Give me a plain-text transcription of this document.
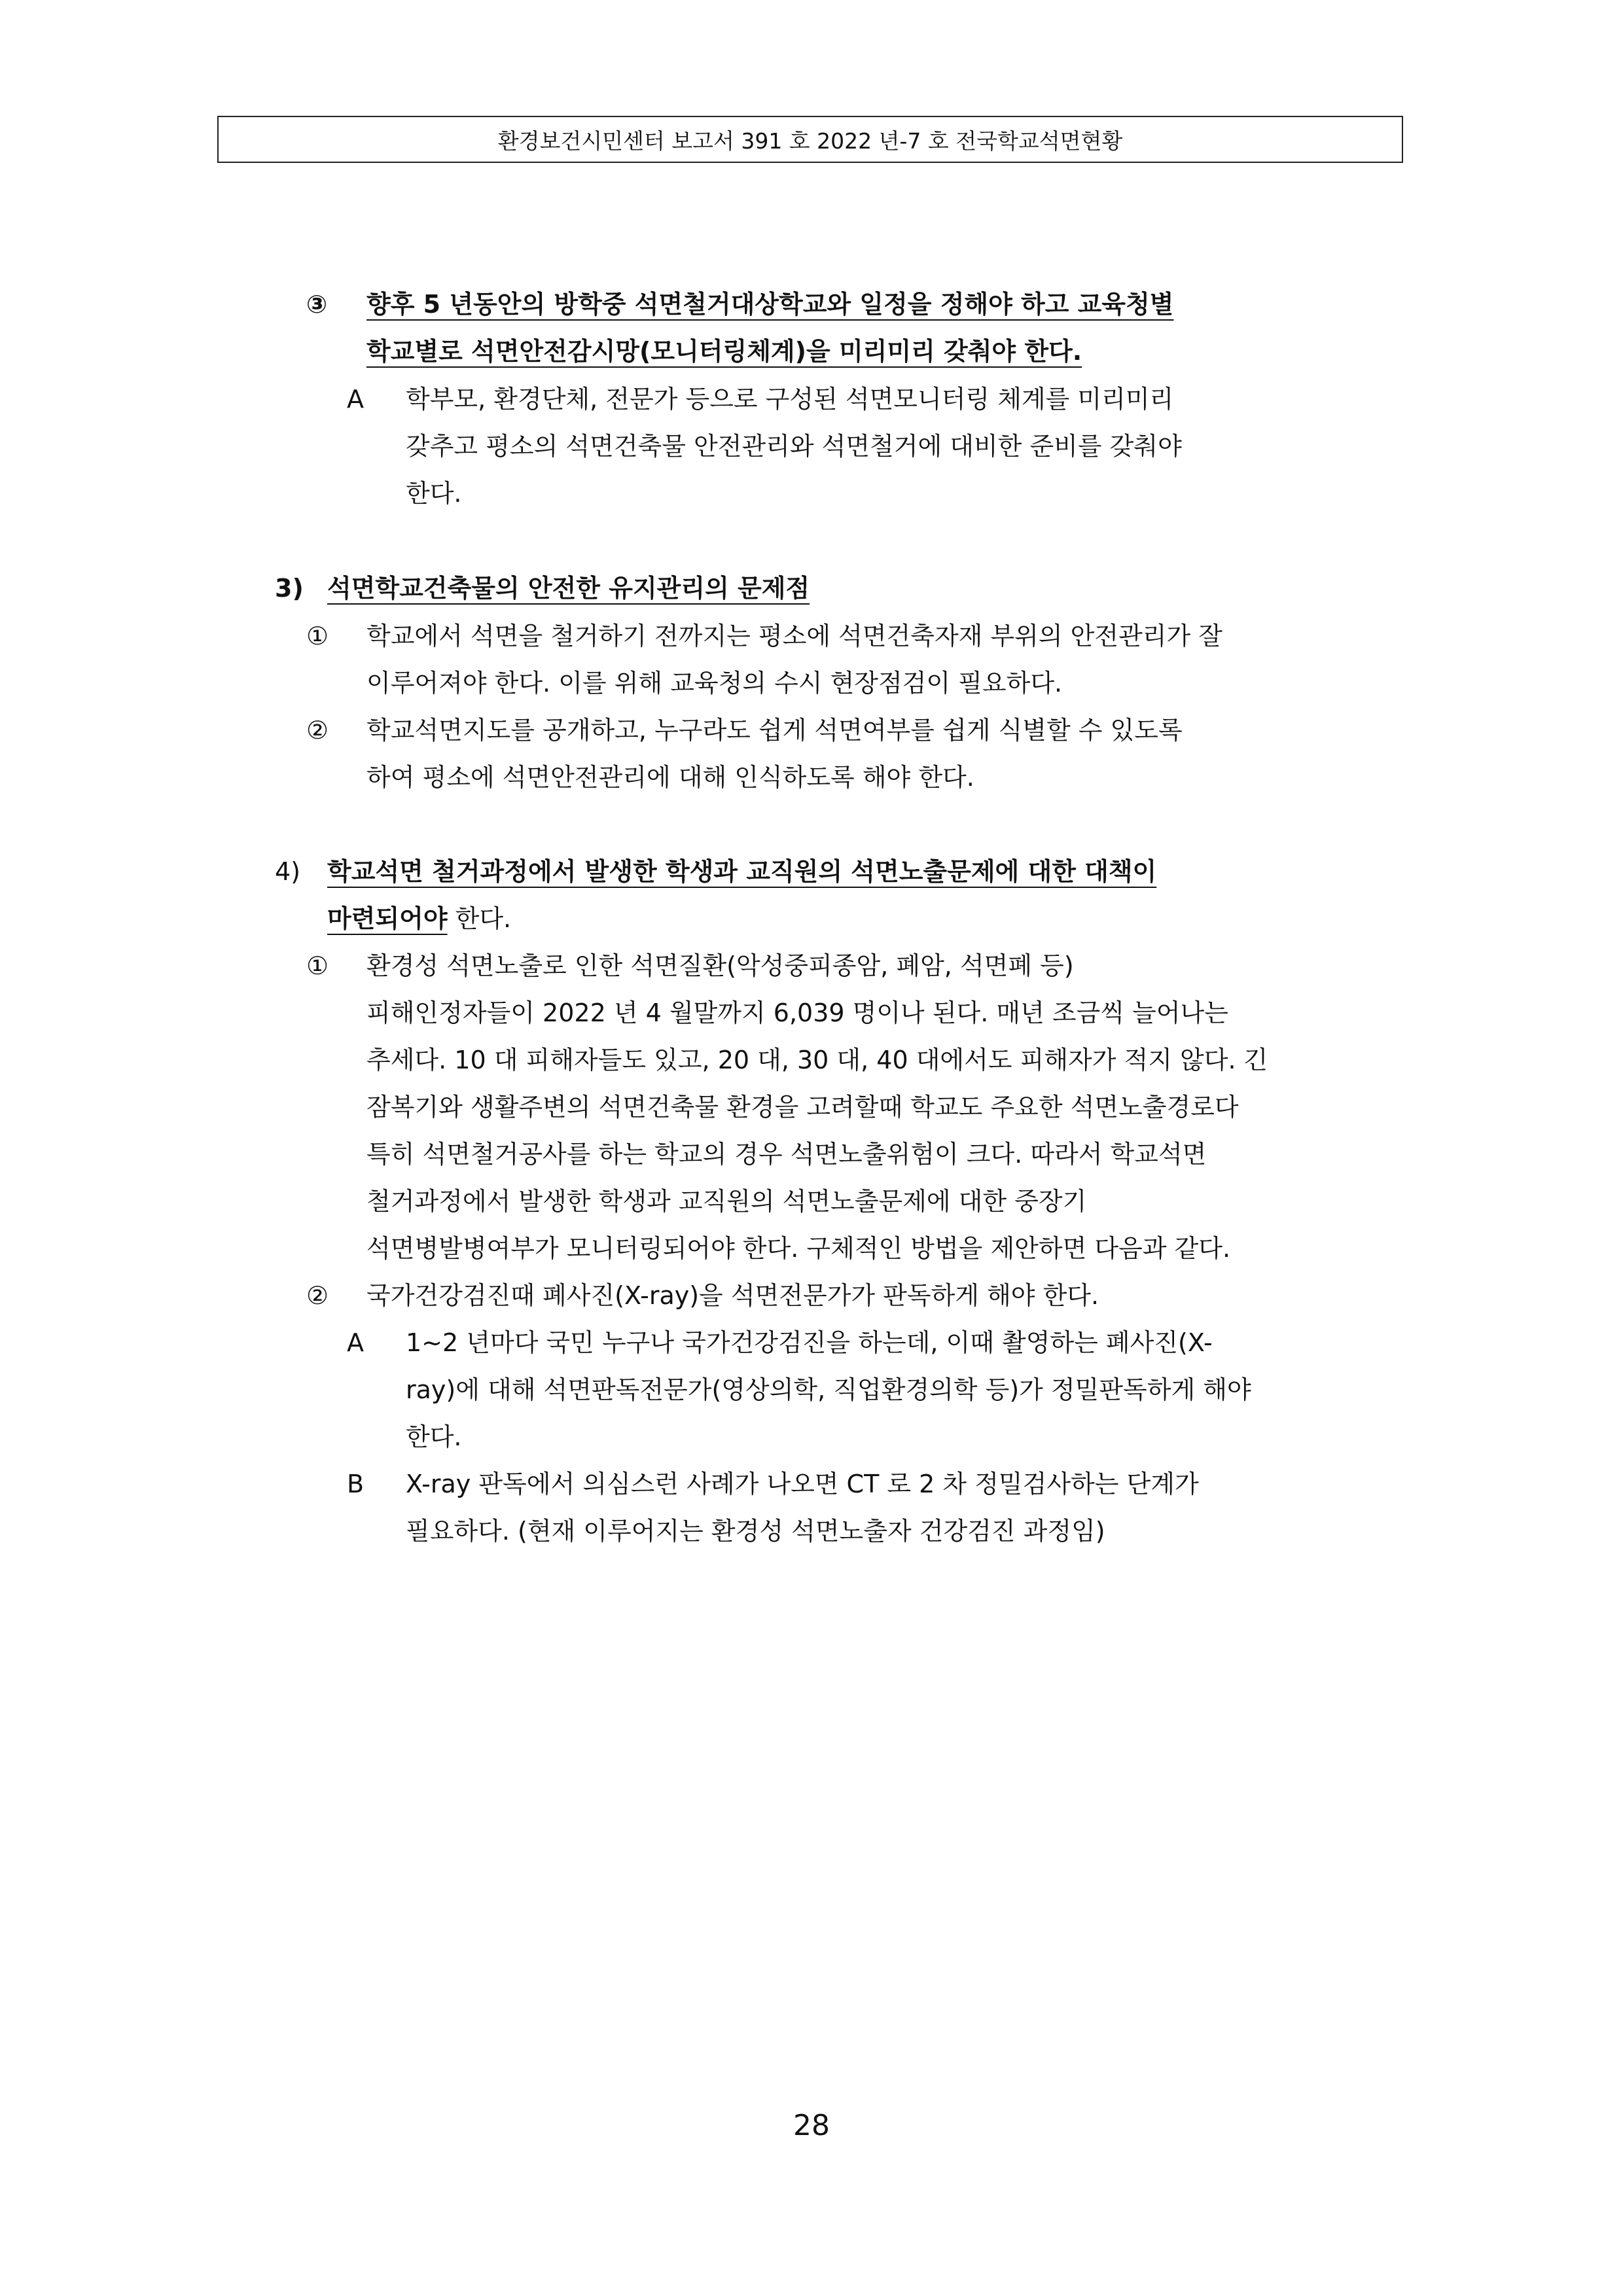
환경보건시민센터 보고서 391 호 2022 년-7 호 전국학교석면현황
③ 향후 5 년동안의 방학중 석면철거대상학교와 일정을 정해야 하고 교육청별
학교별로 석면안전감시망(모니터링체계)을 미리미리 갖춰야 한다.
A 학부모, 환경단체, 전문가 등으로 구성된 석면모니터링 체계를 미리미리
갖추고 평소의 석면건축물 안전관리와 석면철거에 대비한 준비를 갖춰야
한다.
3) 석면학교건축물의 안전한 유지관리의 문제점
① 학교에서 석면을 철거하기 전까지는 평소에 석면건축자재 부위의 안전관리가 잘
이루어져야 한다. 이를 위해 교육청의 수시 현장점검이 필요하다.
② 학교석면지도를 공개하고, 누구라도 쉽게 석면여부를 쉽게 식별할 수 있도록
하여 평소에 석면안전관리에 대해 인식하도록 해야 한다.
4) 학교석면 철거과정에서 발생한 학생과 교직원의 석면노출문제에 대한 대책이
마련되어야 한다.
① 환경성 석면노출로 인한 석면질환(악성중피종암, 폐암, 석면폐 등)
피해인정자들이 2022 년 4 월말까지 6,039 명이나 된다. 매년 조금씩 늘어나는
추세다. 10 대 피해자들도 있고, 20 대, 30 대, 40 대에서도 피해자가 적지 않다. 긴
잠복기와 생활주변의 석면건축물 환경을 고려할때 학교도 주요한 석면노출경로다
특히 석면철거공사를 하는 학교의 경우 석면노출위험이 크다. 따라서 학교석면
철거과정에서 발생한 학생과 교직원의 석면노출문제에 대한 중장기
석면병발병여부가 모니터링되어야 한다. 구체적인 방법을 제안하면 다음과 같다.
② 국가건강검진때 폐사진(X-ray)을 석면전문가가 판독하게 해야 한다.
A 1~2 년마다 국민 누구나 국가건강검진을 하는데, 이때 촬영하는 폐사진(X-
ray)에 대해 석면판독전문가(영상의학, 직업환경의학 등)가 정밀판독하게 해야
한다.
B X-ray 판독에서 의심스런 사례가 나오면 CT 로 2 차 정밀검사하는 단계가
필요하다. (현재 이루어지는 환경성 석면노출자 건강검진 과정임)
28
